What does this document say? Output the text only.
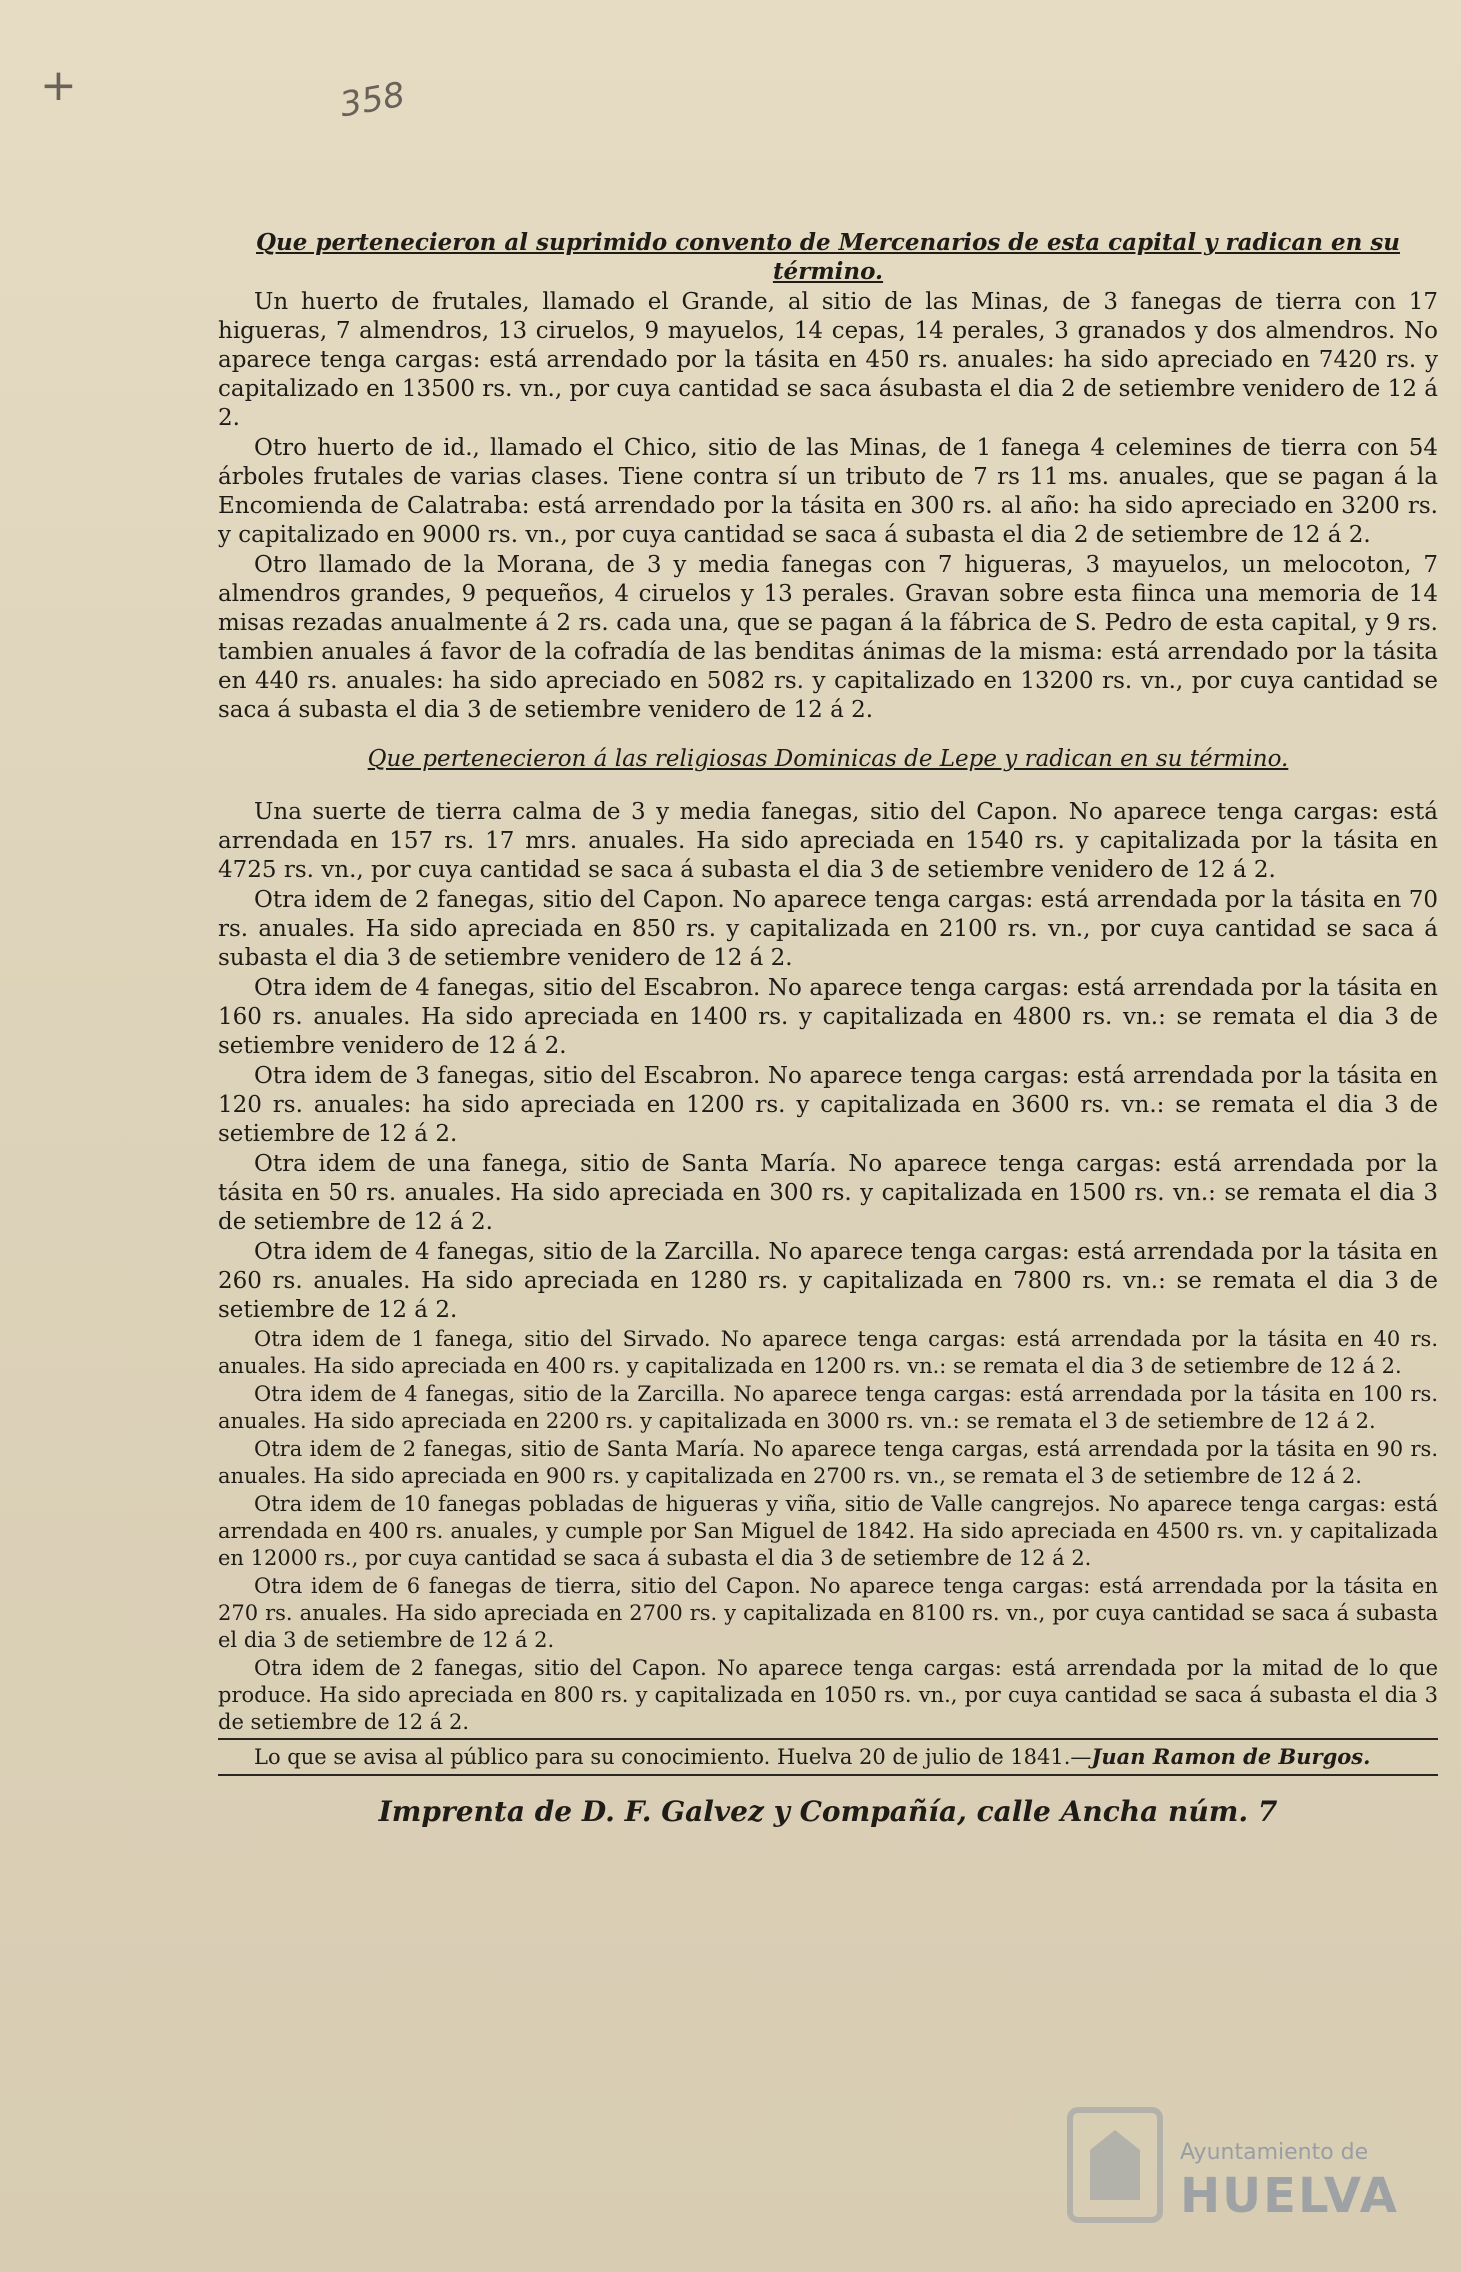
+	358

Que pertenecieron al suprimido convento de Mercenarios de esta capital y radican en su término.

Un huerto de frutales, llamado el Grande, al sitio de las Minas, de 3 fanegas de tierra con 17 higueras, 7 almendros, 13 ciruelos, 9 mayuelos, 14 cepas, 14 perales, 3 granados y dos almendros. No aparece tenga cargas: está arrendado por la tásita en 450 rs. anuales: ha sido apreciado en 7420 rs. y capitalizado en 13500 rs. vn., por cuya cantidad se saca ásubasta el dia 2 de setiembre venidero de 12 á 2.

Otro huerto de id., llamado el Chico, sitio de las Minas, de 1 fanega 4 celemines de tierra con 54 árboles frutales de varias clases. Tiene contra sí un tributo de 7 rs 11 ms. anuales, que se pagan á la Encomienda de Calatraba: está arrendado por la tásita en 300 rs. al año: ha sido apreciado en 3200 rs. y capitalizado en 9000 rs. vn., por cuya cantidad se saca á subasta el dia 2 de setiembre de 12 á 2.

Otro llamado de la Morana, de 3 y media fanegas con 7 higueras, 3 mayuelos, un melocoton, 7 almendros grandes, 9 pequeños, 4 ciruelos y 13 perales. Gravan sobre esta fiinca una memoria de 14 misas rezadas anualmente á 2 rs. cada una, que se pagan á la fábrica de S. Pedro de esta capital, y 9 rs. tambien anuales á favor de la cofradía de las benditas ánimas de la misma: está arrendado por la tásita en 440 rs. anuales: ha sido apreciado en 5082 rs. y capitalizado en 13200 rs. vn., por cuya cantidad se saca á subasta el dia 3 de setiembre venidero de 12 á 2.

Que pertenecieron á las religiosas Dominicas de Lepe y radican en su término.

Una suerte de tierra calma de 3 y media fanegas, sitio del Capon. No aparece tenga cargas: está arrendada en 157 rs. 17 mrs. anuales. Ha sido apreciada en 1540 rs. y capitalizada por la tásita en 4725 rs. vn., por cuya cantidad se saca á subasta el dia 3 de setiembre venidero de 12 á 2.

Otra idem de 2 fanegas, sitio del Capon. No aparece tenga cargas: está arrendada por la tásita en 70 rs. anuales. Ha sido apreciada en 850 rs. y capitalizada en 2100 rs. vn., por cuya cantidad se saca á subasta el dia 3 de setiembre venidero de 12 á 2.

Otra idem de 4 fanegas, sitio del Escabron. No aparece tenga cargas: está arrendada por la tásita en 160 rs. anuales. Ha sido apreciada en 1400 rs. y capitalizada en 4800 rs. vn.: se remata el dia 3 de setiembre venidero de 12 á 2.

Otra idem de 3 fanegas, sitio del Escabron. No aparece tenga cargas: está arrendada por la tásita en 120 rs. anuales: ha sido apreciada en 1200 rs. y capitalizada en 3600 rs. vn.: se remata el dia 3 de setiembre de 12 á 2.

Otra idem de una fanega, sitio de Santa María. No aparece tenga cargas: está arrendada por la tásita en 50 rs. anuales. Ha sido apreciada en 300 rs. y capitalizada en 1500 rs. vn.: se remata el dia 3 de setiembre de 12 á 2.

Otra idem de 4 fanegas, sitio de la Zarcilla. No aparece tenga cargas: está arrendada por la tásita en 260 rs. anuales. Ha sido apreciada en 1280 rs. y capitalizada en 7800 rs. vn.: se remata el dia 3 de setiembre de 12 á 2.

Otra idem de 1 fanega, sitio del Sirvado. No aparece tenga cargas: está arrendada por la tásita en 40 rs. anuales. Ha sido apreciada en 400 rs. y capitalizada en 1200 rs. vn.: se remata el dia 3 de setiembre de 12 á 2.

Otra idem de 4 fanegas, sitio de la Zarcilla. No aparece tenga cargas: está arrendada por la tásita en 100 rs. anuales. Ha sido apreciada en 2200 rs. y capitalizada en 3000 rs. vn.: se remata el 3 de setiembre de 12 á 2.

Otra idem de 2 fanegas, sitio de Santa María. No aparece tenga cargas, está arrendada por la tásita en 90 rs. anuales. Ha sido apreciada en 900 rs. y capitalizada en 2700 rs. vn., se remata el 3 de setiembre de 12 á 2.

Otra idem de 10 fanegas pobladas de higueras y viña, sitio de Valle cangrejos. No aparece tenga cargas: está arrendada en 400 rs. anuales, y cumple por San Miguel de 1842. Ha sido apreciada en 4500 rs. vn. y capitalizada en 12000 rs., por cuya cantidad se saca á subasta el dia 3 de setiembre de 12 á 2.

Otra idem de 6 fanegas de tierra, sitio del Capon. No aparece tenga cargas: está arrendada por la tásita en 270 rs. anuales. Ha sido apreciada en 2700 rs. y capitalizada en 8100 rs. vn., por cuya cantidad se saca á subasta el dia 3 de setiembre de 12 á 2.

Otra idem de 2 fanegas, sitio del Capon. No aparece tenga cargas: está arrendada por la mitad de lo que produce. Ha sido apreciada en 800 rs. y capitalizada en 1050 rs. vn., por cuya cantidad se saca á subasta el dia 3 de setiembre de 12 á 2.

Lo que se avisa al público para su conocimiento. Huelva 20 de julio de 1841.—Juan Ramon de Burgos.

Imprenta de D. F. Galvez y Compañía, calle Ancha núm. 7

Ayuntamiento de
HUELVA
